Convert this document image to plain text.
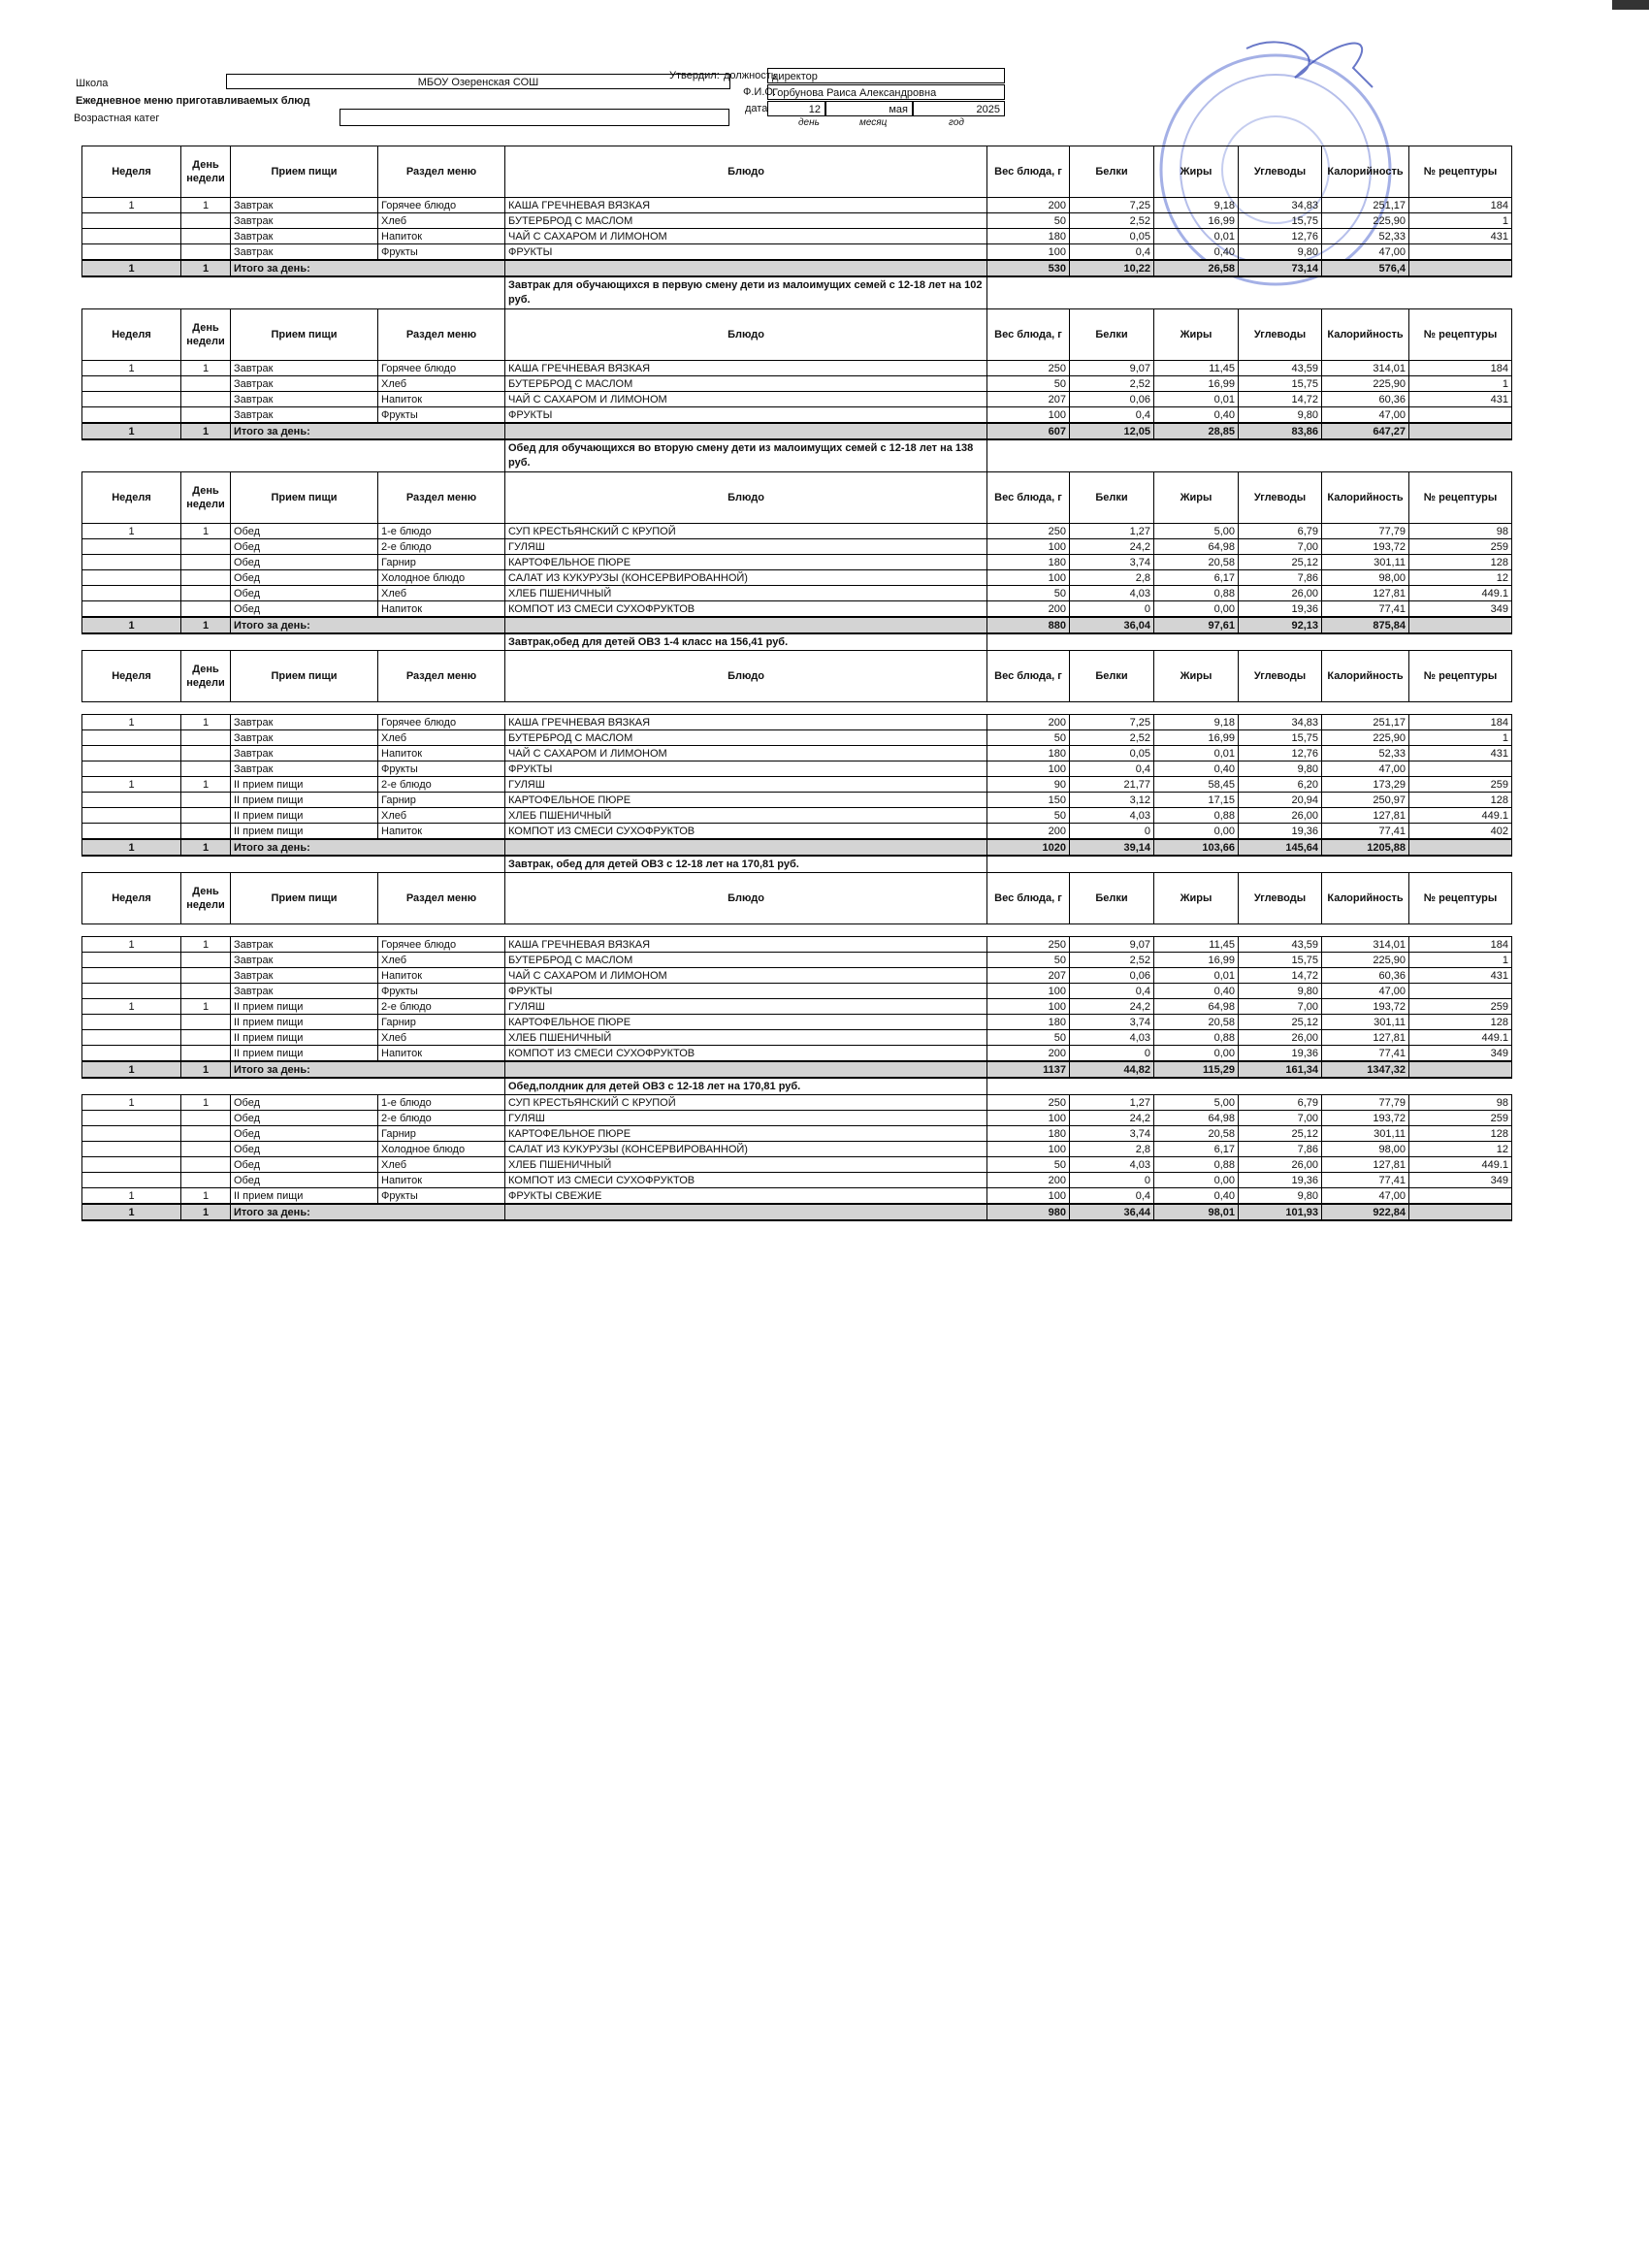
Школа	МБОУ Озеренская СОШ
Ежедневное меню приготавливаемых блюд
Возрастная катег
Утвердил: должность
директор
Ф.И.О.
Горбунова Раиса Александровна
дата	12	мая	2025
день	месяц	год
Неделя	День недели	Прием пищи	Раздел меню	Блюдо	Вес блюда, г	Белки	Жиры	Углеводы	Калорийность	№ рецептуры
1	1	Завтрак	Горячее блюдо	КАША ГРЕЧНЕВАЯ ВЯЗКАЯ	200	7,25	9,18	34,83	251,17	184
		Завтрак	Хлеб	БУТЕРБРОД С МАСЛОМ	50	2,52	16,99	15,75	225,90	1
		Завтрак	Напиток	ЧАЙ С САХАРОМ И ЛИМОНОМ	180	0,05	0,01	12,76	52,33	431
		Завтрак	Фрукты	ФРУКТЫ	100	0,4	0,40	9,80	47,00	
1	1	Итого за день:			530	10,22	26,58	73,14	576,4	
				Завтрак для обучающихся в первую смену дети из малоимущих семей с 12-18 лет на 102 руб.						
Неделя	День недели	Прием пищи	Раздел меню	Блюдо	Вес блюда, г	Белки	Жиры	Углеводы	Калорийность	№ рецептуры
1	1	Завтрак	Горячее блюдо	КАША ГРЕЧНЕВАЯ ВЯЗКАЯ	250	9,07	11,45	43,59	314,01	184
		Завтрак	Хлеб	БУТЕРБРОД С МАСЛОМ	50	2,52	16,99	15,75	225,90	1
		Завтрак	Напиток	ЧАЙ С САХАРОМ И ЛИМОНОМ	207	0,06	0,01	14,72	60,36	431
		Завтрак	Фрукты	ФРУКТЫ	100	0,4	0,40	9,80	47,00	
1	1	Итого за день:			607	12,05	28,85	83,86	647,27	
				Обед для обучающихся во вторую смену дети из малоимущих семей с 12-18 лет на 138 руб.						
Неделя	День недели	Прием пищи	Раздел меню	Блюдо	Вес блюда, г	Белки	Жиры	Углеводы	Калорийность	№ рецептуры
1	1	Обед	1-е блюдо	СУП КРЕСТЬЯНСКИЙ С КРУПОЙ	250	1,27	5,00	6,79	77,79	98
		Обед	2-е блюдо	ГУЛЯШ	100	24,2	64,98	7,00	193,72	259
		Обед	Гарнир	КАРТОФЕЛЬНОЕ ПЮРЕ	180	3,74	20,58	25,12	301,11	128
		Обед	Холодное блюдо	САЛАТ ИЗ КУКУРУЗЫ (КОНСЕРВИРОВАННОЙ)	100	2,8	6,17	7,86	98,00	12
		Обед	Хлеб	ХЛЕБ ПШЕНИЧНЫЙ	50	4,03	0,88	26,00	127,81	449.1
		Обед	Напиток	КОМПОТ ИЗ СМЕСИ СУХОФРУКТОВ	200	0	0,00	19,36	77,41	349
1	1	Итого за день:			880	36,04	97,61	92,13	875,84	
				Завтрак,обед для детей ОВЗ 1-4 класс на 156,41 руб.						
Неделя	День недели	Прием пищи	Раздел меню	Блюдо	Вес блюда, г	Белки	Жиры	Углеводы	Калорийность	№ рецептуры

1	1	Завтрак	Горячее блюдо	КАША ГРЕЧНЕВАЯ ВЯЗКАЯ	200	7,25	9,18	34,83	251,17	184
		Завтрак	Хлеб	БУТЕРБРОД С МАСЛОМ	50	2,52	16,99	15,75	225,90	1
		Завтрак	Напиток	ЧАЙ С САХАРОМ И ЛИМОНОМ	180	0,05	0,01	12,76	52,33	431
		Завтрак	Фрукты	ФРУКТЫ	100	0,4	0,40	9,80	47,00	
1	1	II прием пищи	2-е блюдо	ГУЛЯШ	90	21,77	58,45	6,20	173,29	259
		II прием пищи	Гарнир	КАРТОФЕЛЬНОЕ ПЮРЕ	150	3,12	17,15	20,94	250,97	128
		II прием пищи	Хлеб	ХЛЕБ ПШЕНИЧНЫЙ	50	4,03	0,88	26,00	127,81	449.1
		II прием пищи	Напиток	КОМПОТ ИЗ СМЕСИ СУХОФРУКТОВ	200	0	0,00	19,36	77,41	402
1	1	Итого за день:			1020	39,14	103,66	145,64	1205,88	
				Завтрак, обед для детей ОВЗ с 12-18 лет на 170,81 руб.						
Неделя	День недели	Прием пищи	Раздел меню	Блюдо	Вес блюда, г	Белки	Жиры	Углеводы	Калорийность	№ рецептуры

1	1	Завтрак	Горячее блюдо	КАША ГРЕЧНЕВАЯ ВЯЗКАЯ	250	9,07	11,45	43,59	314,01	184
		Завтрак	Хлеб	БУТЕРБРОД С МАСЛОМ	50	2,52	16,99	15,75	225,90	1
		Завтрак	Напиток	ЧАЙ С САХАРОМ И ЛИМОНОМ	207	0,06	0,01	14,72	60,36	431
		Завтрак	Фрукты	ФРУКТЫ	100	0,4	0,40	9,80	47,00	
1	1	II прием пищи	2-е блюдо	ГУЛЯШ	100	24,2	64,98	7,00	193,72	259
		II прием пищи	Гарнир	КАРТОФЕЛЬНОЕ ПЮРЕ	180	3,74	20,58	25,12	301,11	128
		II прием пищи	Хлеб	ХЛЕБ ПШЕНИЧНЫЙ	50	4,03	0,88	26,00	127,81	449.1
		II прием пищи	Напиток	КОМПОТ ИЗ СМЕСИ СУХОФРУКТОВ	200	0	0,00	19,36	77,41	349
1	1	Итого за день:			1137	44,82	115,29	161,34	1347,32	
				Обед,полдник для детей ОВЗ с 12-18 лет на 170,81 руб.						
1	1	Обед	1-е блюдо	СУП КРЕСТЬЯНСКИЙ С КРУПОЙ	250	1,27	5,00	6,79	77,79	98
		Обед	2-е блюдо	ГУЛЯШ	100	24,2	64,98	7,00	193,72	259
		Обед	Гарнир	КАРТОФЕЛЬНОЕ ПЮРЕ	180	3,74	20,58	25,12	301,11	128
		Обед	Холодное блюдо	САЛАТ ИЗ КУКУРУЗЫ (КОНСЕРВИРОВАННОЙ)	100	2,8	6,17	7,86	98,00	12
		Обед	Хлеб	ХЛЕБ ПШЕНИЧНЫЙ	50	4,03	0,88	26,00	127,81	449.1
		Обед	Напиток	КОМПОТ ИЗ СМЕСИ СУХОФРУКТОВ	200	0	0,00	19,36	77,41	349
1	1	II прием пищи	Фрукты	ФРУКТЫ СВЕЖИЕ	100	0,4	0,40	9,80	47,00	
1	1	Итого за день:			980	36,44	98,01	101,93	922,84	
